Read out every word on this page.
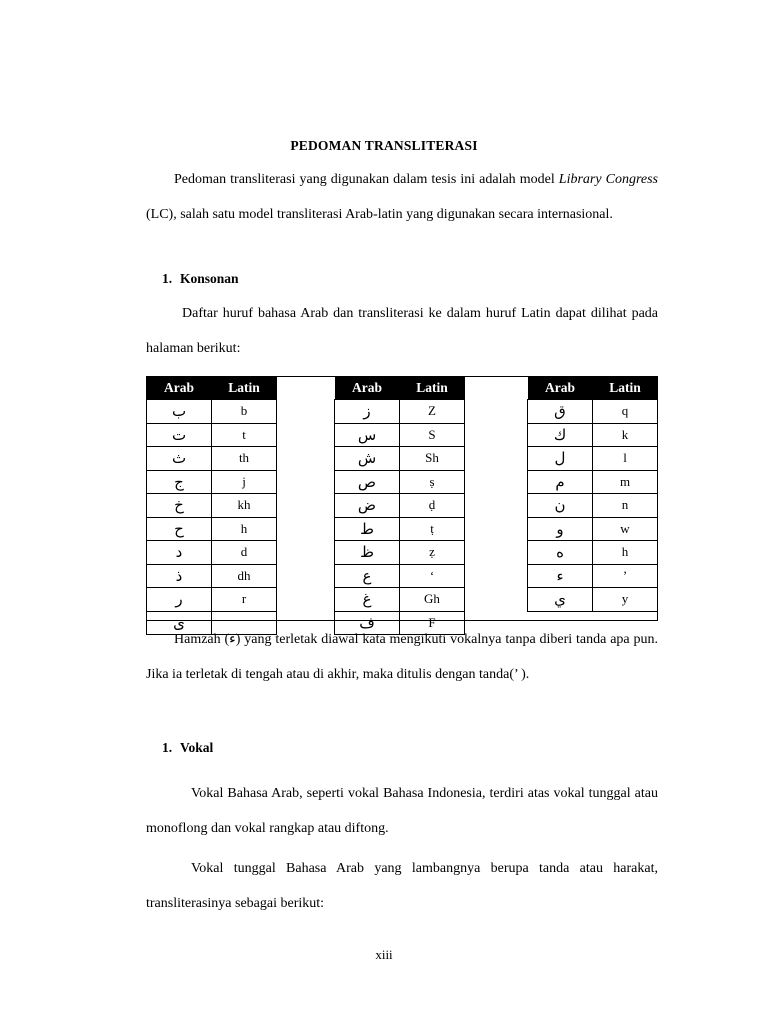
PEDOMAN TRANSLITERASI
Pedoman transliterasi yang digunakan dalam tesis ini adalah model Library Congress (LC), salah satu model transliterasi Arab-latin yang digunakan secara internasional.
1. Konsonan
Daftar huruf bahasa Arab dan transliterasi ke dalam huruf Latin dapat dilihat pada halaman berikut:
Arab	Latin
ب	b
ت	t
ث	th
ج	j
خ	kh
ح	h
د	d
ذ	dh
ر	r
ى	
Arab	Latin
ز	Z
س	S
ش	Sh
ص	ṣ
ض	ḍ
ط	ṭ
ظ	ẓ
ع	‘
غ	Gh
ف	F
Arab	Latin
ق	q
ك	k
ل	l
م	m
ن	n
و	w
ه	h
ء	’
ي	y

Hamzah (ء) yang terletak diawal kata mengikuti vokalnya tanpa diberi tanda apa pun. Jika ia terletak di tengah atau di akhir, maka ditulis dengan tanda(’ ).
1. Vokal
Vokal Bahasa Arab, seperti vokal Bahasa Indonesia, terdiri atas vokal tunggal atau monoflong dan vokal rangkap atau diftong.
Vokal tunggal Bahasa Arab yang lambangnya berupa tanda atau harakat, transliterasinya sebagai berikut:
xiii
